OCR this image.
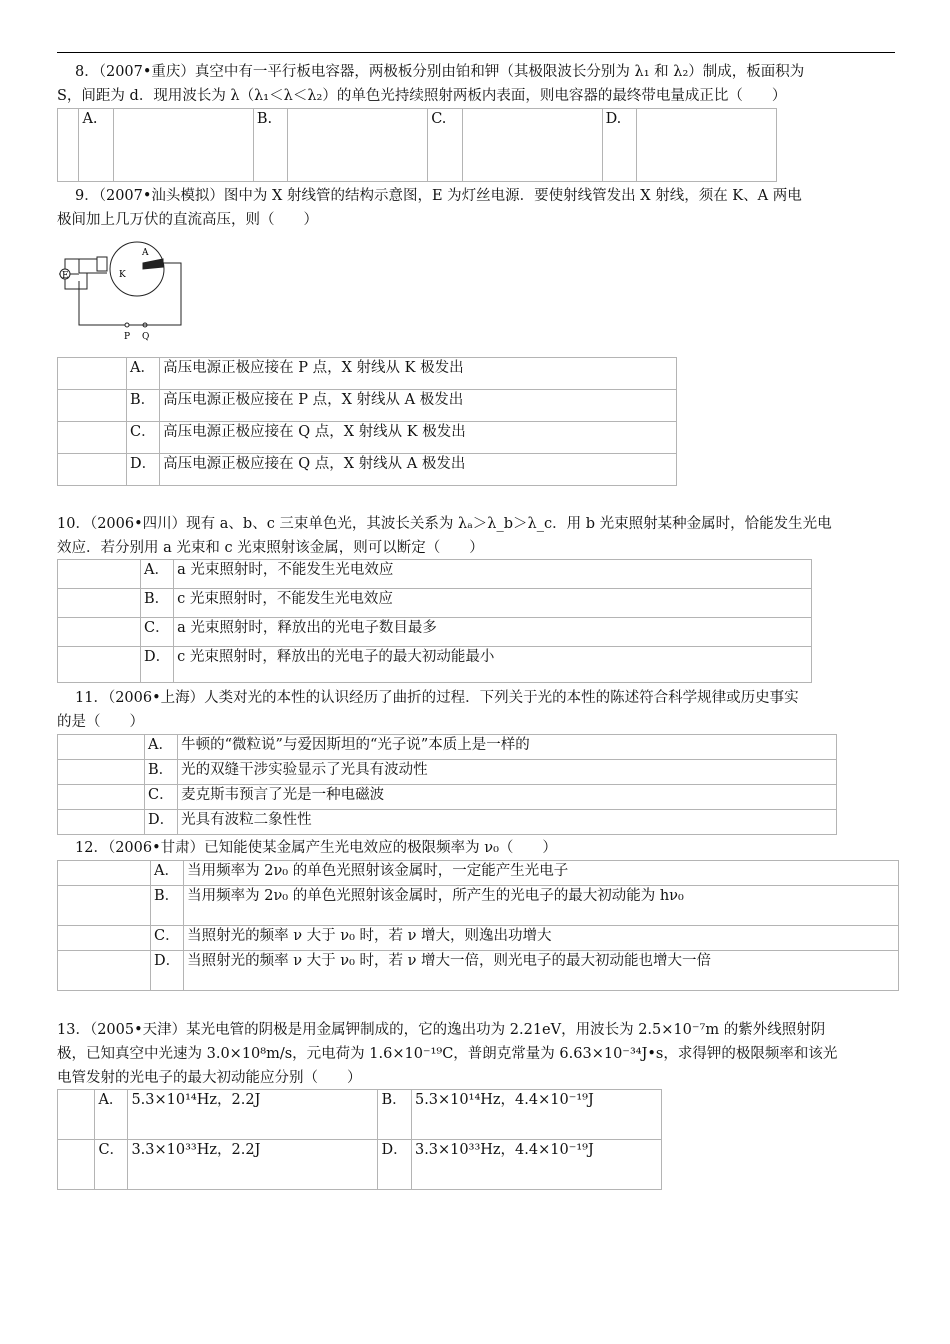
8．（2007•重庆）真空中有一平行板电容器，两极板分别由铂和钾（其极限波长分别为 λ₁ 和 λ₂）制成，板面积为
S，间距为 d．现用波长为 λ（λ₁＜λ＜λ₂）的单色光持续照射两板内表面，则电容器的最终带电量成正比（　　）
	A.		B.		C.		D.	
9．（2007•汕头模拟）图中为 X 射线管的结构示意图，E 为灯丝电源．要使射线管发出 X 射线，须在 K、A 两电
极间加上几万伏的直流高压，则（　　）
E
A
K
P Q
	A．	高压电源正极应接在 P 点，X 射线从 K 极发出
	B．	高压电源正极应接在 P 点，X 射线从 A 极发出
	C．	高压电源正极应接在 Q 点，X 射线从 K 极发出
	D．	高压电源正极应接在 Q 点，X 射线从 A 极发出
10．（2006•四川）现有 a、b、c 三束单色光，其波长关系为 λₐ＞λ_b＞λ_c．用 b 光束照射某种金属时，恰能发生光电
效应．若分别用 a 光束和 c 光束照射该金属，则可以断定（　　）
	A．	a 光束照射时，不能发生光电效应
	B．	c 光束照射时，不能发生光电效应
	C．	a 光束照射时，释放出的光电子数目最多
	D．	c 光束照射时，释放出的光电子的最大初动能最小
11．（2006•上海）人类对光的本性的认识经历了曲折的过程．下列关于光的本性的陈述符合科学规律或历史事实
的是（　　）
	A．	牛顿的“微粒说”与爱因斯坦的“光子说”本质上是一样的
	B．	光的双缝干涉实验显示了光具有波动性
	C．	麦克斯韦预言了光是一种电磁波
	D．	光具有波粒二象性性
12．（2006•甘肃）已知能使某金属产生光电效应的极限频率为 ν₀（　　）
	A．	当用频率为 2ν₀ 的单色光照射该金属时，一定能产生光电子
	B．	当用频率为 2ν₀ 的单色光照射该金属时，所产生的光电子的最大初动能为 hν₀
	C．	当照射光的频率 ν 大于 ν₀ 时，若 ν 增大，则逸出功增大
	D．	当照射光的频率 ν 大于 ν₀ 时，若 ν 增大一倍，则光电子的最大初动能也增大一倍
13．（2005•天津）某光电管的阴极是用金属钾制成的，它的逸出功为 2.21eV，用波长为 2.5×10⁻⁷m 的紫外线照射阴
极，已知真空中光速为 3.0×10⁸m/s，元电荷为 1.6×10⁻¹⁹C，普朗克常量为 6.63×10⁻³⁴J•s，求得钾的极限频率和该光
电管发射的光电子的最大初动能应分别（　　）
	A．	5.3×10¹⁴Hz，2.2J	B．	5.3×10¹⁴Hz，4.4×10⁻¹⁹J
	C．	3.3×10³³Hz，2.2J	D．	3.3×10³³Hz，4.4×10⁻¹⁹J
